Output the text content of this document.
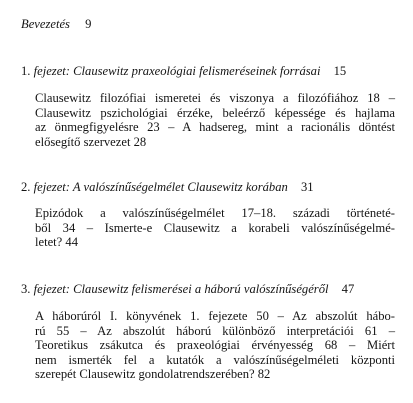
Bevezetés 9
1. fejezet: Clausewitz praxeológiai felismeréseinek forrásai 15
Clausewitz filozófiai ismeretei és viszonya a filozófiához 18 –
Clausewitz pszichológiai érzéke, beleérző képessége és hajlama
az önmegfigyelésre 23 – A hadsereg, mint a racionális döntést
elősegítő szervezet 28
2. fejezet: A valószínűségelmélet Clausewitz korában 31
Epizódok a valószínűségelmélet 17–18. századi történeté-
ből 34 – Ismerte-e Clausewitz a korabeli valószínűségelmé-
letet? 44
3. fejezet: Clausewitz felismerései a háború valószínűségéről 47
A háborúról I. könyvének 1. fejezete 50 – Az abszolút hábo-
rú 55 – Az abszolút háború különböző interpretációi 61 –
Teoretikus zsákutca és praxeológiai érvényesség 68 – Miért
nem ismerték fel a kutatók a valószínűségelméleti központi
szerepét Clausewitz gondolatrendszerében? 82
